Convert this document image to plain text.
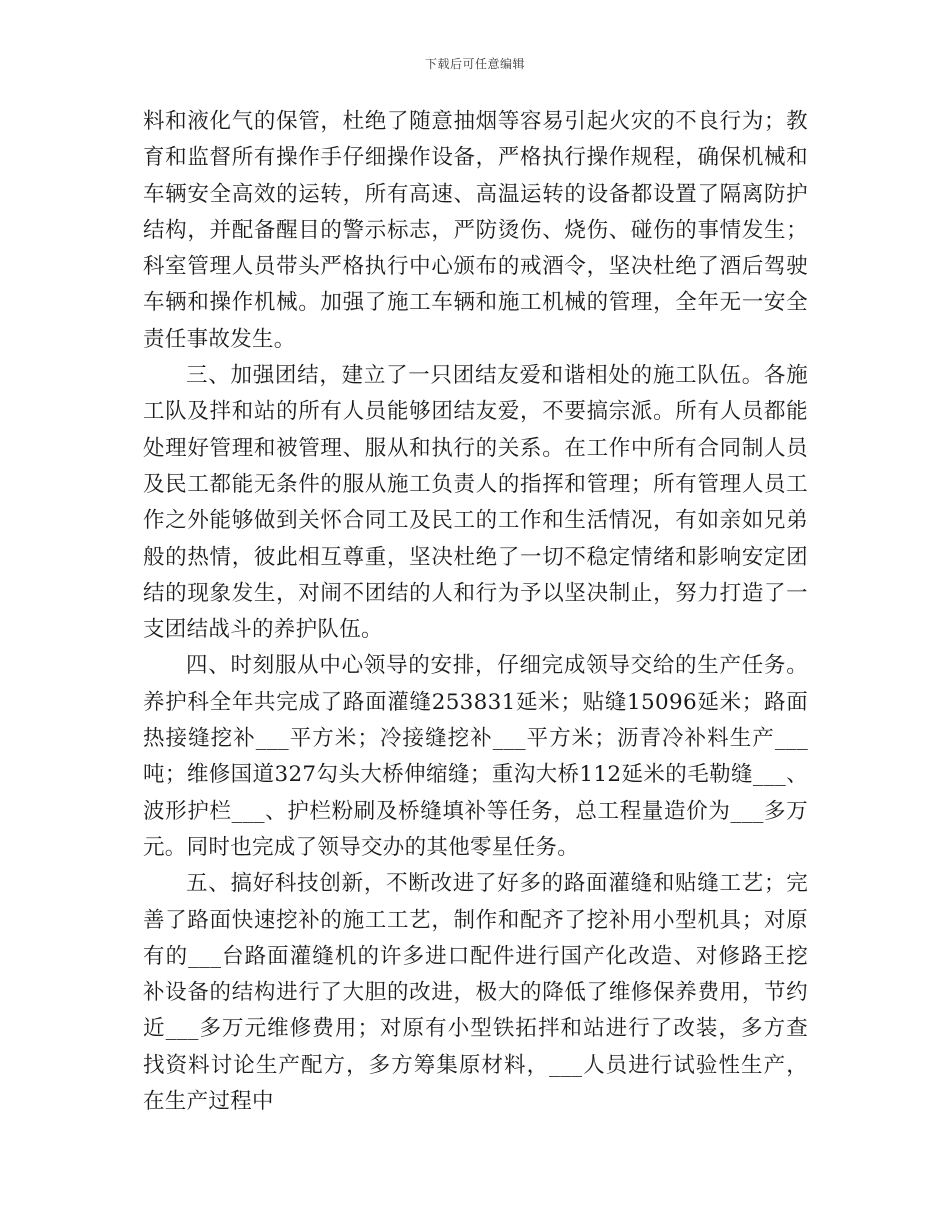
下载后可任意编辑

料和液化气的保管，杜绝了随意抽烟等容易引起火灾的不良行为；教育和监督所有操作手仔细操作设备，严格执行操作规程，确保机械和车辆安全高效的运转，所有高速、高温运转的设备都设置了隔离防护结构，并配备醒目的警示标志，严防烫伤、烧伤、碰伤的事情发生；科室管理人员带头严格执行中心颁布的戒酒令，坚决杜绝了酒后驾驶车辆和操作机械。加强了施工车辆和施工机械的管理，全年无一安全责任事故发生。

三、加强团结，建立了一只团结友爱和谐相处的施工队伍。各施工队及拌和站的所有人员能够团结友爱，不要搞宗派。所有人员都能处理好管理和被管理、服从和执行的关系。在工作中所有合同制人员及民工都能无条件的服从施工负责人的指挥和管理；所有管理人员工作之外能够做到关怀合同工及民工的工作和生活情况，有如亲如兄弟般的热情，彼此相互尊重，坚决杜绝了一切不稳定情绪和影响安定团结的现象发生，对闹不团结的人和行为予以坚决制止，努力打造了一支团结战斗的养护队伍。

四、时刻服从中心领导的安排，仔细完成领导交给的生产任务。养护科全年共完成了路面灌缝253831延米；贴缝15096延米；路面热接缝挖补___平方米；冷接缝挖补___平方米；沥青冷补料生产___吨；维修国道327勾头大桥伸缩缝；重沟大桥112延米的毛勒缝___、波形护栏___、护栏粉刷及桥缝填补等任务，总工程量造价为___多万元。同时也完成了领导交办的其他零星任务。

五、搞好科技创新，不断改进了好多的路面灌缝和贴缝工艺；完善了路面快速挖补的施工工艺，制作和配齐了挖补用小型机具；对原有的___台路面灌缝机的许多进口配件进行国产化改造、对修路王挖补设备的结构进行了大胆的改进，极大的降低了维修保养费用，节约近___多万元维修费用；对原有小型铁拓拌和站进行了改装，多方查找资料讨论生产配方，多方筹集原材料，___人员进行试验性生产，在生产过程中
